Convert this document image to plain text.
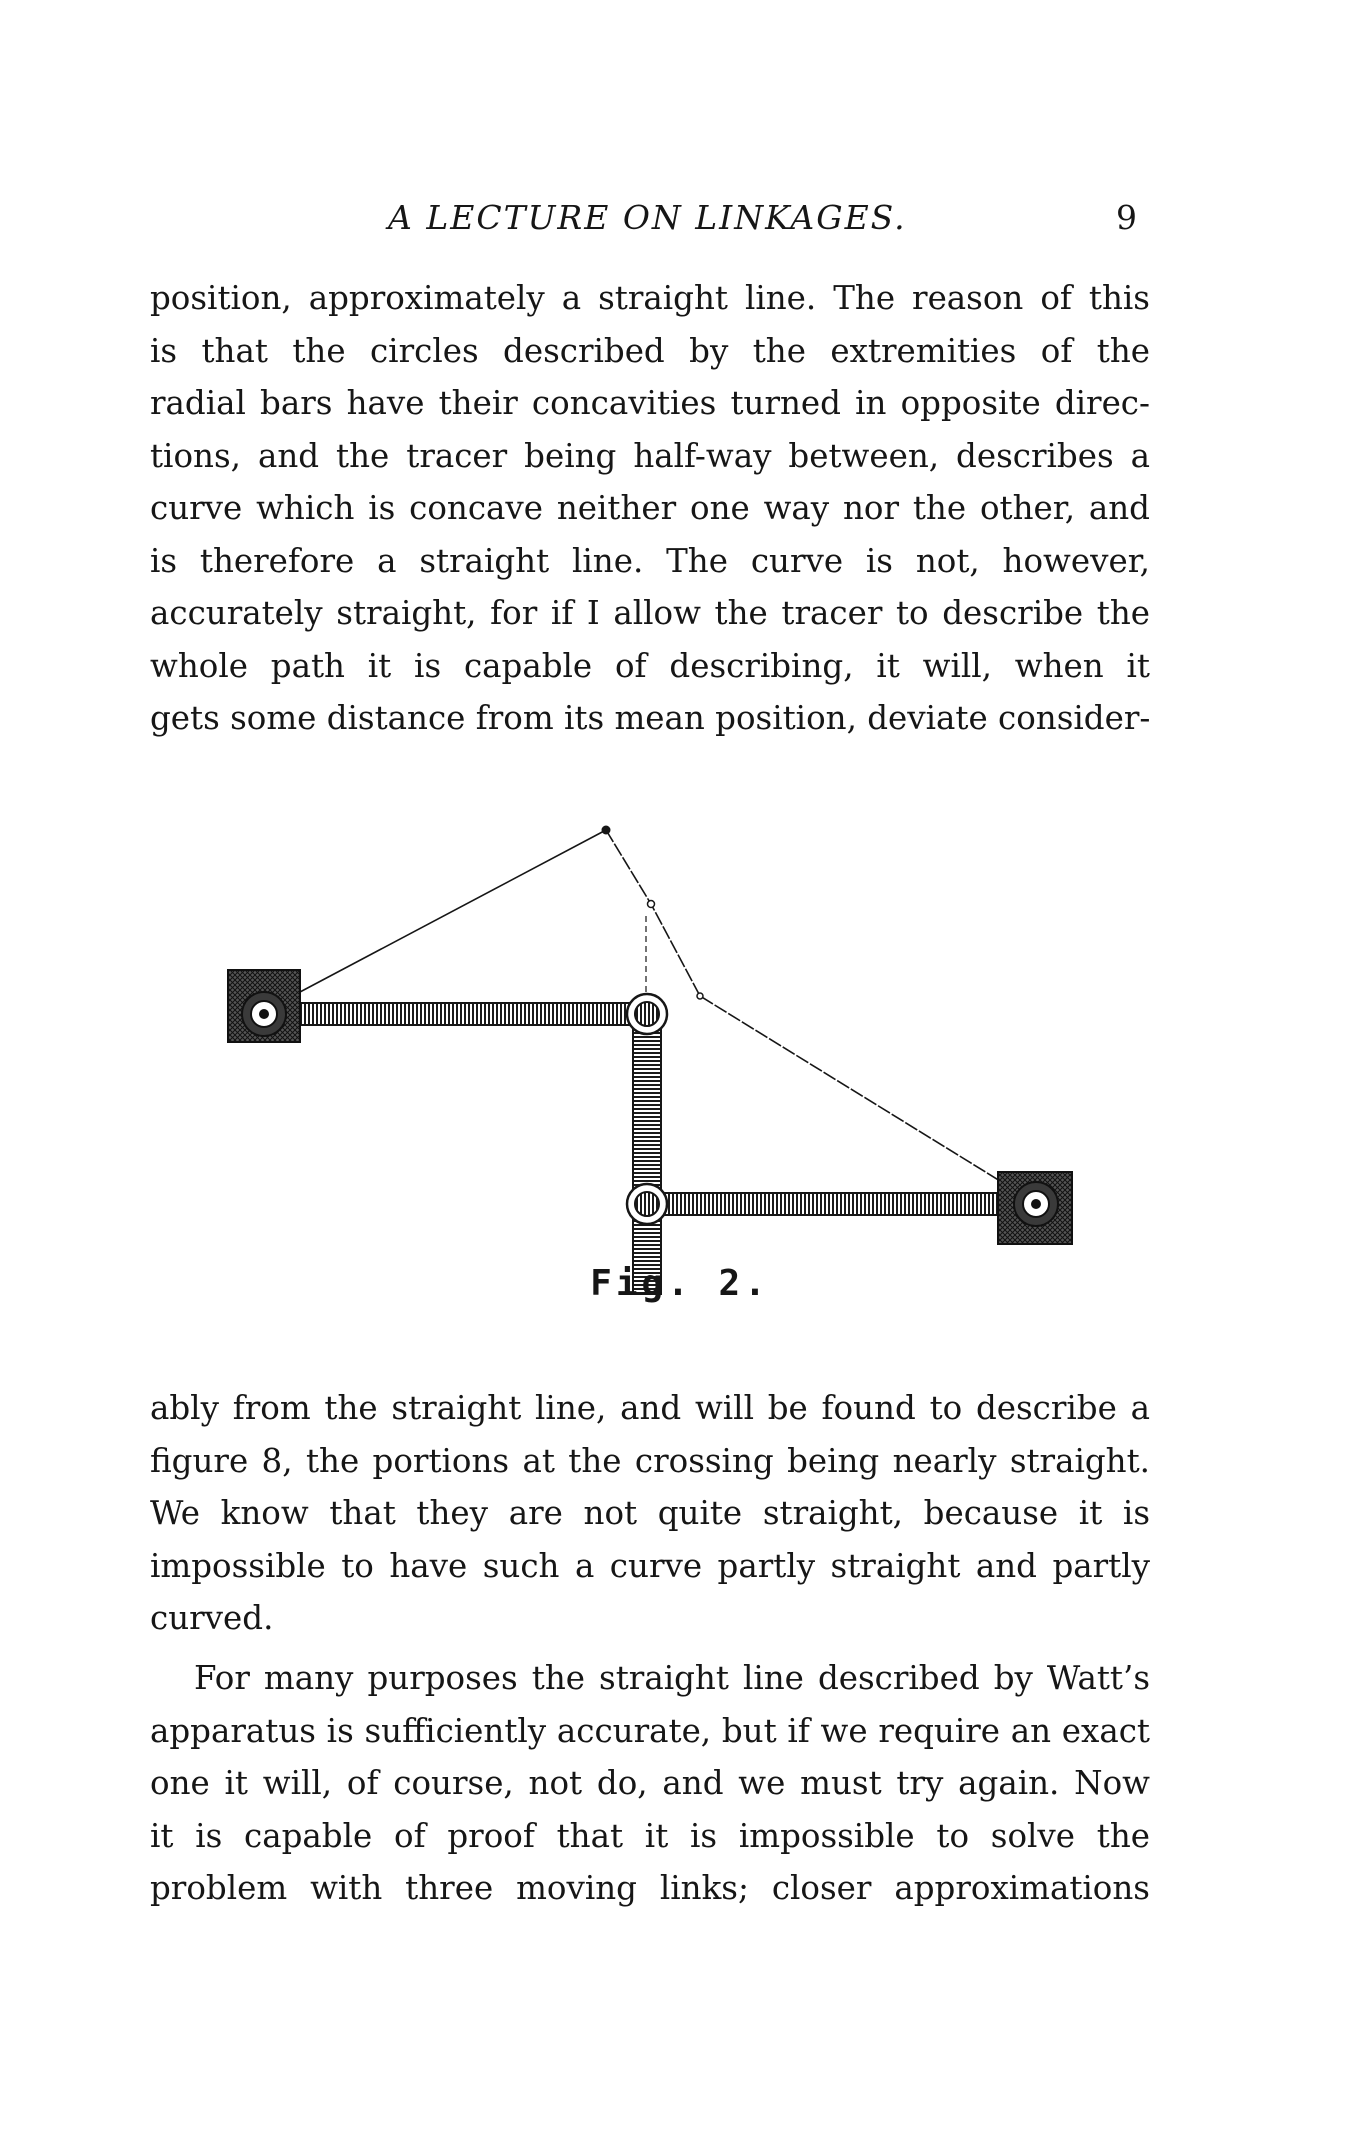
A LECTURE ON LINKAGES.	9
position, approximately a straight line. The reason of this
is that the circles described by the extremities of the
radial bars have their concavities turned in opposite direc-
tions, and the tracer being half-way between, describes a
curve which is concave neither one way nor the other, and
is therefore a straight line. The curve is not, however,
accurately straight, for if I allow the tracer to describe the
whole path it is capable of describing, it will, when it
gets some distance from its mean position, deviate consider-
Fig. 2.
ably from the straight line, and will be found to describe a
figure 8, the portions at the crossing being nearly straight.
We know that they are not quite straight, because it is
impossible to have such a curve partly straight and partly
curved.
For many purposes the straight line described by Watt’s
apparatus is sufficiently accurate, but if we require an exact
one it will, of course, not do, and we must try again. Now
it is capable of proof that it is impossible to solve the
problem with three moving links; closer approximations
